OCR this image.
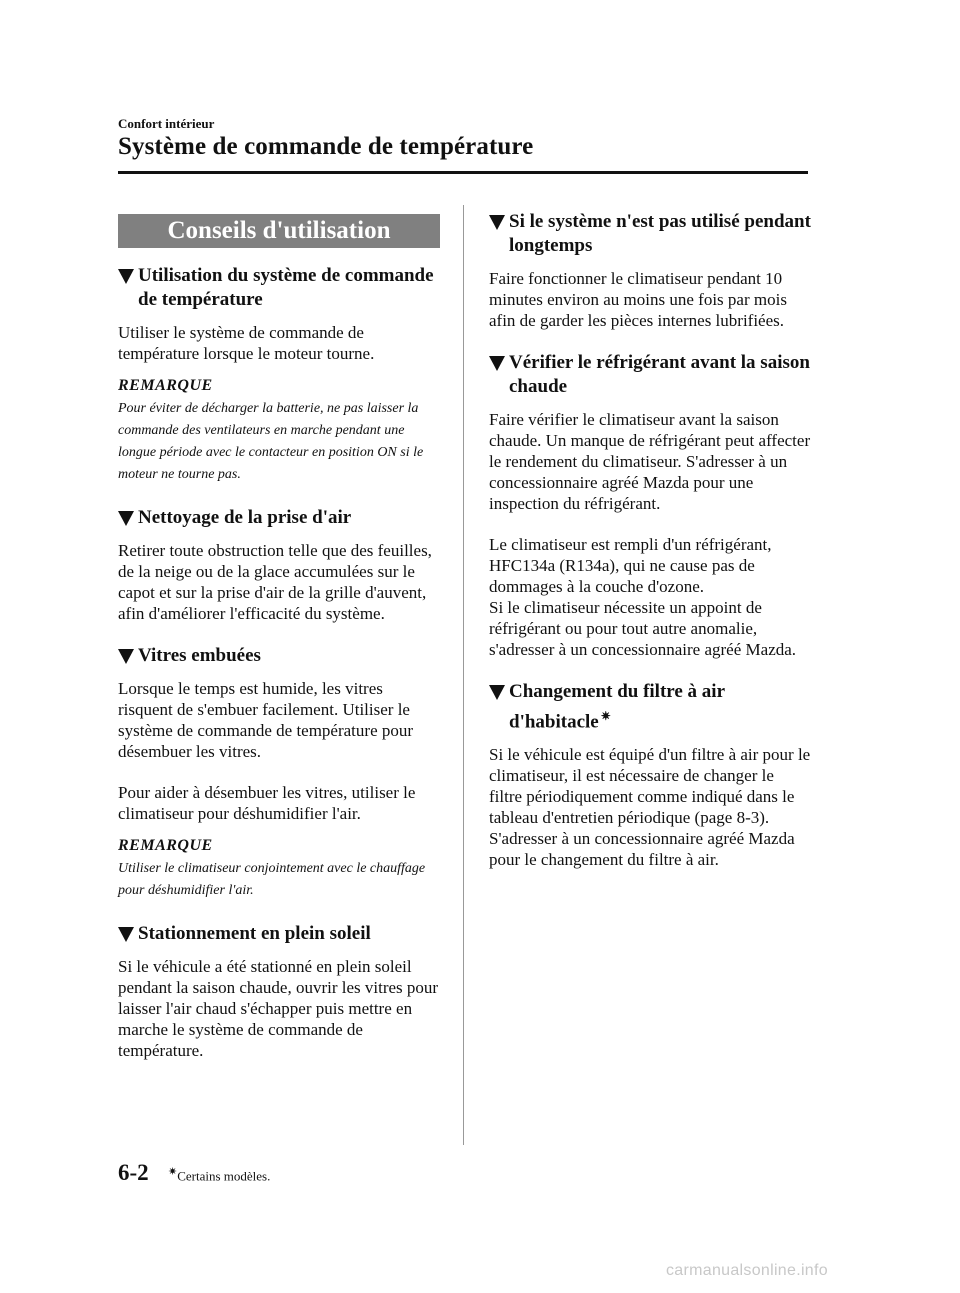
Confort intérieur
Système de commande de température
Conseils d'utilisation
Utilisation du système de commande de température

Utiliser le système de commande de température lorsque le moteur tourne.

REMARQUE

Pour éviter de décharger la batterie, ne pas laisser la commande des ventilateurs en marche pendant une longue période avec le contacteur en position ON si le moteur ne tourne pas.

Nettoyage de la prise d'air

Retirer toute obstruction telle que des feuilles, de la neige ou de la glace accumulées sur le capot et sur la prise d'air de la grille d'auvent, afin d'améliorer l'efficacité du système.

Vitres embuées

Lorsque le temps est humide, les vitres risquent de s'embuer facilement. Utiliser le système de commande de température pour désembuer les vitres.

Pour aider à désembuer les vitres, utiliser le climatiseur pour déshumidifier l'air.

REMARQUE

Utiliser le climatiseur conjointement avec le chauffage pour déshumidifier l'air.

Stationnement en plein soleil

Si le véhicule a été stationné en plein soleil pendant la saison chaude, ouvrir les vitres pour laisser l'air chaud s'échapper puis mettre en marche le système de commande de température.

Si le système n'est pas utilisé pendant longtemps

Faire fonctionner le climatiseur pendant 10 minutes environ au moins une fois par mois afin de garder les pièces internes lubrifiées.

Vérifier le réfrigérant avant la saison chaude

Faire vérifier le climatiseur avant la saison chaude. Un manque de réfrigérant peut affecter le rendement du climatiseur. S'adresser à un concessionnaire agréé Mazda pour une inspection du réfrigérant.

Le climatiseur est rempli d'un réfrigérant, HFC134a (R134a), qui ne cause pas de dommages à la couche d'ozone.

Si le climatiseur nécessite un appoint de réfrigérant ou pour tout autre anomalie, s'adresser à un concessionnaire agréé Mazda.

Changement du filtre à air d'habitacle ✷

Si le véhicule est équipé d'un filtre à air pour le climatiseur, il est nécessaire de changer le filtre périodiquement comme indiqué dans le tableau d'entretien périodique (page 8-3). S'adresser à un concessionnaire agréé Mazda pour le changement du filtre à air.

6-2 ✷Certains modèles.
carmanualsonline.info
